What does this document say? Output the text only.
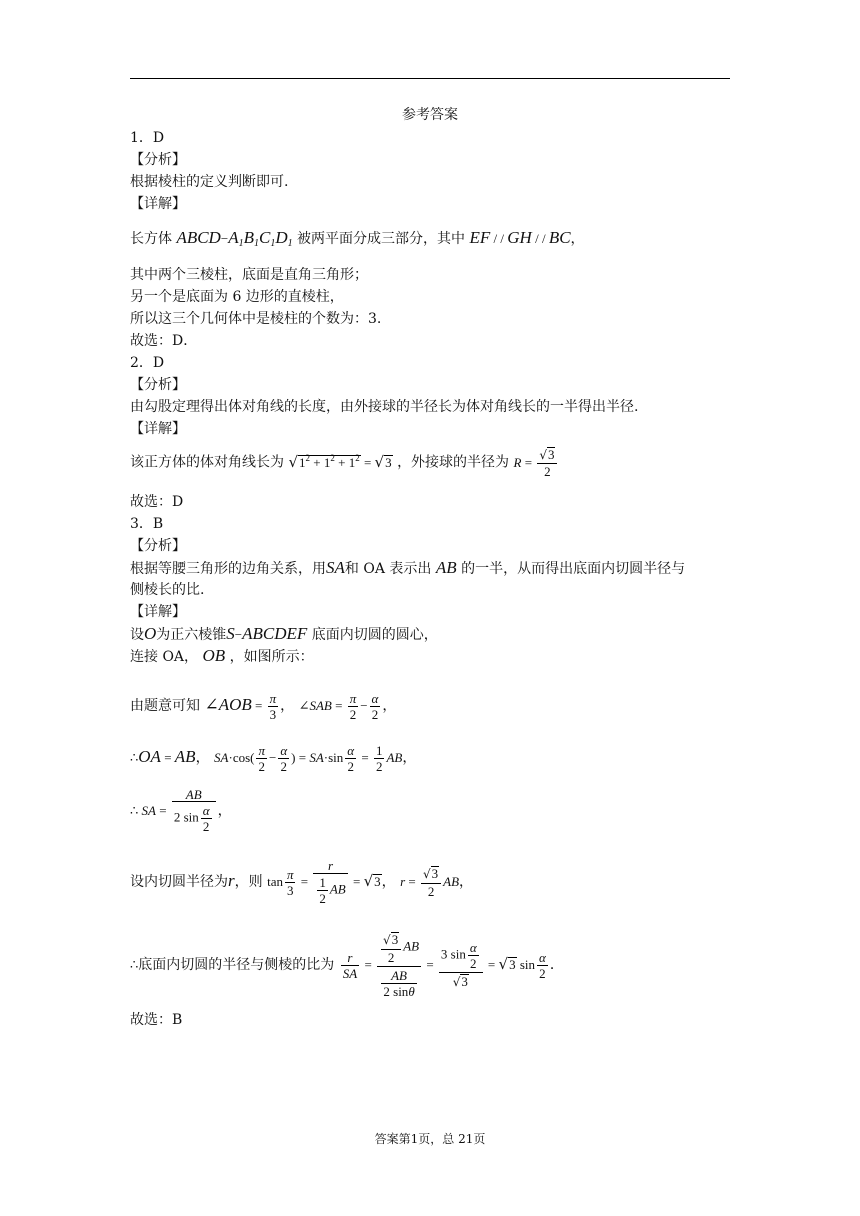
参考答案
1．D
【分析】
根据棱柱的定义判断即可.
【详解】
长方体 $ABCD-A_1B_1C_1D_1$ 被两平面分成三部分，其中 EF / / GH / / BC，
其中两个三棱柱，底面是直角三角形；
另一个是底面为 6 边形的直棱柱，
所以这三个几何体中是棱柱的个数为：3.
故选：D．
2．D
【分析】
由勾股定理得出体对角线的长度，由外接球的半径长为体对角线长的一半得出半径.
【详解】
该正方体的体对角线长为 $√1^2 + 1^2 + 1^2 = √3$ ，外接球的半径为 $R = \frac{√3}{2}$
故选：D
3．B
【分析】
根据等腰三角形的边角关系，用SA和 OA 表示出 AB 的一半，从而得出底面内切圆半径与
侧棱长的比.
【详解】
设O为正六棱锥S−ABCDEF 底面内切圆的圆心，
连接 OA， OB ，如图所示：
由题意可知 ∠AOB = $\frac{\pi}{3}$ ， ∠SAB = $\frac{\pi}{2} - \frac{\alpha}{2}$ ，
∴OA = AB， $SA\cdot\cos( \frac{\pi}{2} - \frac{\alpha}{2}$ ) = $SA\cdot\sin \frac{\alpha}{2} = \frac{1}{2}$ AB，
∴ SA = $\frac{AB}{2 \sin \frac{\alpha}{2}}$ ，
设内切圆半径为r，则 $\tan \frac{\pi}{3} = \frac{r}{\frac{1}{2} AB} = √3$， $r = \frac{√3}{2}$ AB，
∴底面内切圆的半径与侧棱的比为 $\frac{r}{SA} = \frac{\frac{√3}{2} AB}{\frac{AB}{2 \sin\theta}} = \frac{3 \sin \frac{\alpha}{2}}{√3} = √3$ $\sin \frac{\alpha}{2}$ ．
故选：B
答案第1页，总 21页
